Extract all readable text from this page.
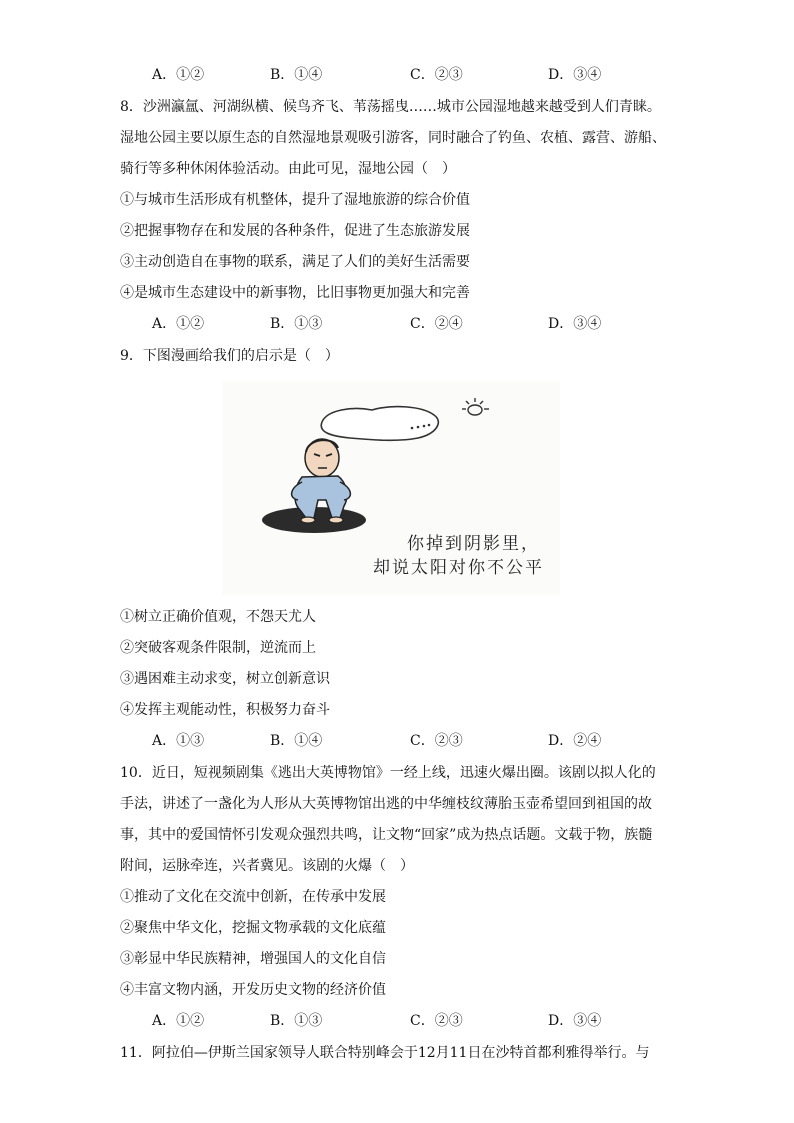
A．①②	B．①④	C．②③	D．③④
8．沙洲瀛氲、河湖纵横、候鸟齐飞、苇荡摇曳……城市公园湿地越来越受到人们青睐。
湿地公园主要以原生态的自然湿地景观吸引游客，同时融合了钓鱼、农植、露营、游船、
骑行等多种休闲体验活动。由此可见，湿地公园（　）
①与城市生活形成有机整体，提升了湿地旅游的综合价值
②把握事物存在和发展的各种条件，促进了生态旅游发展
③主动创造自在事物的联系，满足了人们的美好生活需要
④是城市生态建设中的新事物，比旧事物更加强大和完善
A．①②	B．①③	C．②④	D．③④
9．下图漫画给我们的启示是（　）
你掉到阴影里，
却说太阳对你不公平
①树立正确价值观，不怨天尤人
②突破客观条件限制，逆流而上
③遇困难主动求变，树立创新意识
④发挥主观能动性，积极努力奋斗
A．①③	B．①④	C．②③	D．②④
10．近日，短视频剧集《逃出大英博物馆》一经上线，迅速火爆出圈。该剧以拟人化的
手法，讲述了一盏化为人形从大英博物馆出逃的中华缠枝纹薄胎玉壶希望回到祖国的故
事，其中的爱国情怀引发观众强烈共鸣，让文物“回家”成为热点话题。文载于物，族髓
附间，运脉牵连，兴者冀见。该剧的火爆（　）
①推动了文化在交流中创新，在传承中发展
②聚焦中华文化，挖掘文物承载的文化底蕴
③彰显中华民族精神，增强国人的文化自信
④丰富文物内涵，开发历史文物的经济价值
A．①②	B．①③	C．②③	D．③④
11．阿拉伯—伊斯兰国家领导人联合特别峰会于12月11日在沙特首都利雅得举行。与
